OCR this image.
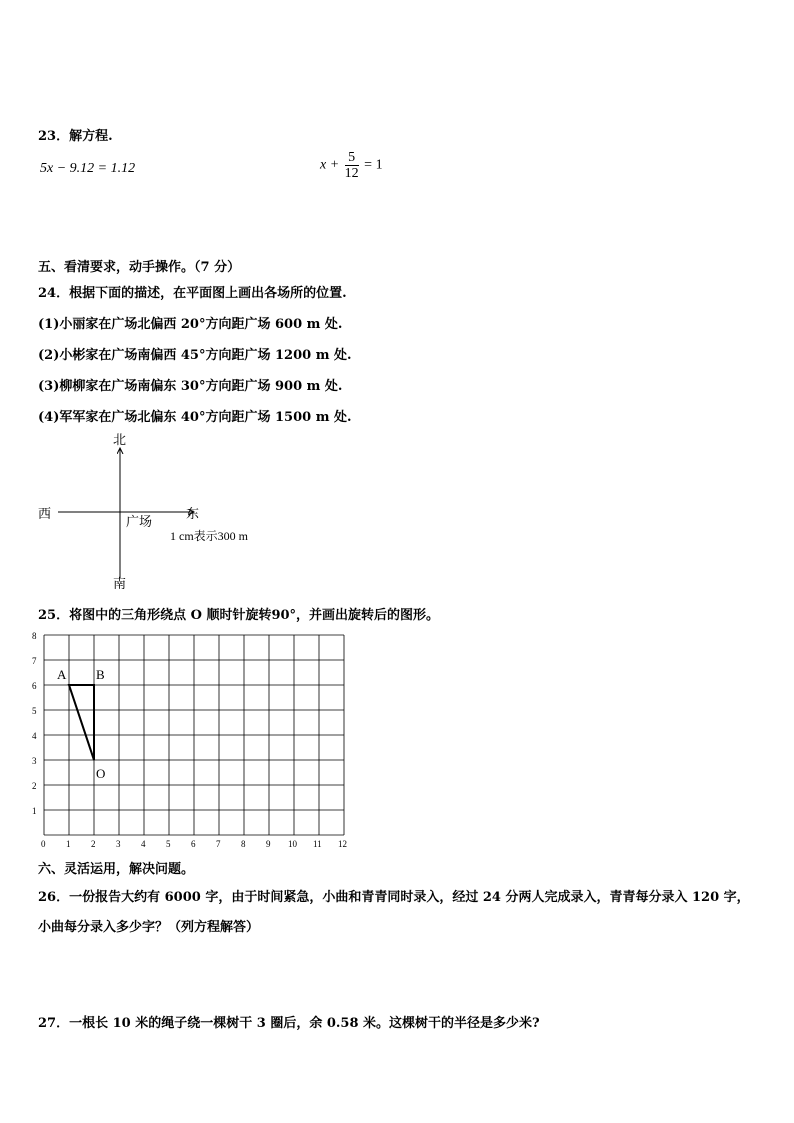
23．解方程.
5x − 9.12 = 1.12	$x + \frac{5}{12} = 1$
五、看清要求，动手操作。（7 分）
24．根据下面的描述，在平面图上画出各场所的位置.
(1)小丽家在广场北偏西 20°方向距广场 600 m 处.
(2)小彬家在广场南偏西 45°方向距广场 1200 m 处.
(3)柳柳家在广场南偏东 30°方向距广场 900 m 处.
(4)军军家在广场北偏东 40°方向距广场 1500 m 处.
北
南
西	东
广场
1 cm表示300 m
25．将图中的三角形绕点 O 顺时针旋转90°，并画出旋转后的图形。
0 1 2 3 4 5 6 7 8 9 10 11 12
1
2
3
4
5
6
7
8
A B
O
六、灵活运用，解决问题。
26．一份报告大约有 6000 字，由于时间紧急，小曲和青青同时录入，经过 24 分两人完成录入，青青每分录入 120 字，
小曲每分录入多少字？（列方程解答）
27．一根长 10 米的绳子绕一棵树干 3 圈后，余 0.58 米。这棵树干的半径是多少米?
